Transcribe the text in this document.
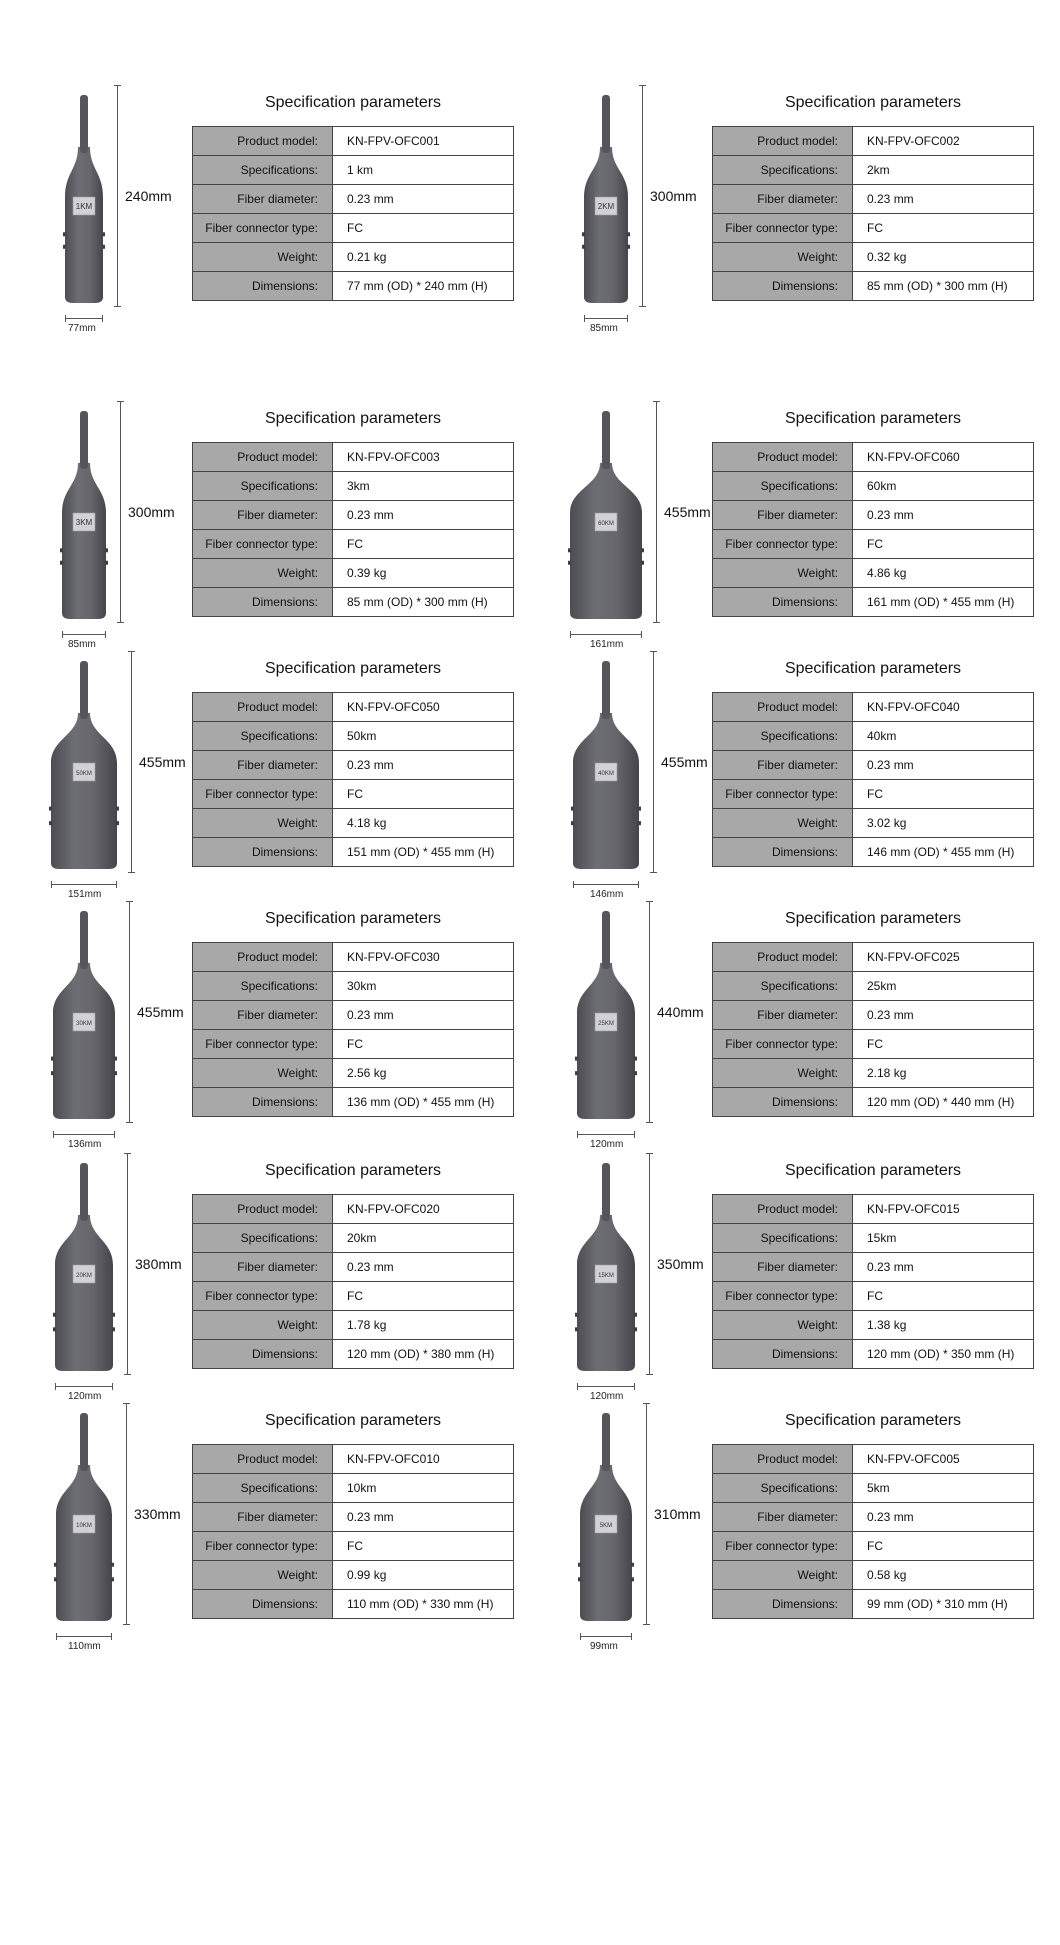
1KM
240mm
77mm
Specification parameters
Product model:	KN-FPV-OFC001
Specifications:	1 km
Fiber diameter:	0.23 mm
Fiber connector type:	FC
Weight:	0.21 kg
Dimensions:	77 mm (OD) * 240 mm (H)
2KM
300mm
85mm
Specification parameters
Product model:	KN-FPV-OFC002
Specifications:	2km
Fiber diameter:	0.23 mm
Fiber connector type:	FC
Weight:	0.32 kg
Dimensions:	85 mm (OD) * 300 mm (H)
3KM
300mm
85mm
Specification parameters
Product model:	KN-FPV-OFC003
Specifications:	3km
Fiber diameter:	0.23 mm
Fiber connector type:	FC
Weight:	0.39 kg
Dimensions:	85 mm (OD) * 300 mm (H)
60KM
455mm
161mm
Specification parameters
Product model:	KN-FPV-OFC060
Specifications:	60km
Fiber diameter:	0.23 mm
Fiber connector type:	FC
Weight:	4.86 kg
Dimensions:	161 mm (OD) * 455 mm (H)
50KM
455mm
151mm
Specification parameters
Product model:	KN-FPV-OFC050
Specifications:	50km
Fiber diameter:	0.23 mm
Fiber connector type:	FC
Weight:	4.18 kg
Dimensions:	151 mm (OD) * 455 mm (H)
40KM
455mm
146mm
Specification parameters
Product model:	KN-FPV-OFC040
Specifications:	40km
Fiber diameter:	0.23 mm
Fiber connector type:	FC
Weight:	3.02 kg
Dimensions:	146 mm (OD) * 455 mm (H)
30KM
455mm
136mm
Specification parameters
Product model:	KN-FPV-OFC030
Specifications:	30km
Fiber diameter:	0.23 mm
Fiber connector type:	FC
Weight:	2.56 kg
Dimensions:	136 mm (OD) * 455 mm (H)
25KM
440mm
120mm
Specification parameters
Product model:	KN-FPV-OFC025
Specifications:	25km
Fiber diameter:	0.23 mm
Fiber connector type:	FC
Weight:	2.18 kg
Dimensions:	120 mm (OD) * 440 mm (H)
20KM
380mm
120mm
Specification parameters
Product model:	KN-FPV-OFC020
Specifications:	20km
Fiber diameter:	0.23 mm
Fiber connector type:	FC
Weight:	1.78 kg
Dimensions:	120 mm (OD) * 380 mm (H)
15KM
350mm
120mm
Specification parameters
Product model:	KN-FPV-OFC015
Specifications:	15km
Fiber diameter:	0.23 mm
Fiber connector type:	FC
Weight:	1.38 kg
Dimensions:	120 mm (OD) * 350 mm (H)
10KM
330mm
110mm
Specification parameters
Product model:	KN-FPV-OFC010
Specifications:	10km
Fiber diameter:	0.23 mm
Fiber connector type:	FC
Weight:	0.99 kg
Dimensions:	110 mm (OD) * 330 mm (H)
5KM
310mm
99mm
Specification parameters
Product model:	KN-FPV-OFC005
Specifications:	5km
Fiber diameter:	0.23 mm
Fiber connector type:	FC
Weight:	0.58 kg
Dimensions:	99 mm (OD) * 310 mm (H)
